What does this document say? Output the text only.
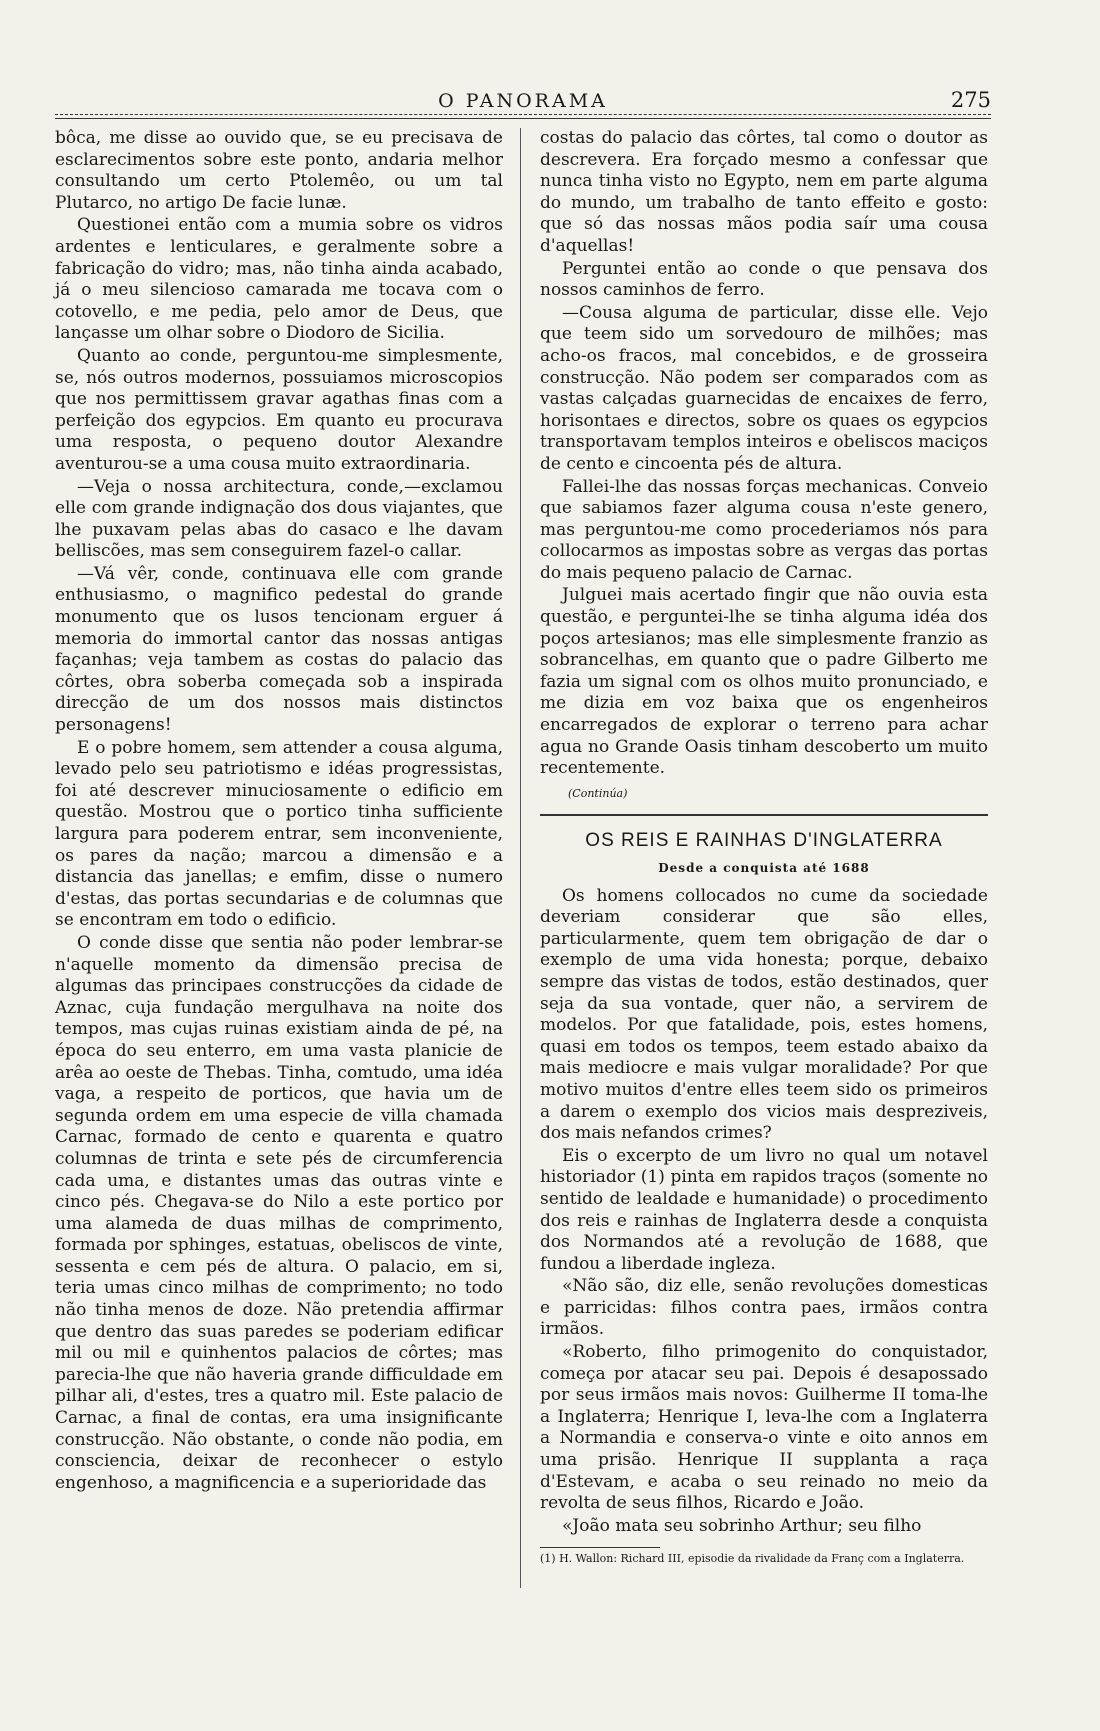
O PANORAMA	275

bôca, me disse ao ouvido que, se eu precisava de esclarecimentos sobre este ponto, andaria melhor consultando um certo Ptolemêo, ou um tal Plutarco, no artigo De facie lunæ.

Questionei então com a mumia sobre os vidros ardentes e lenticulares, e geralmente sobre a fabricação do vidro; mas, não tinha ainda acabado, já o meu silencioso camarada me tocava com o cotovello, e me pedia, pelo amor de Deus, que lançasse um olhar sobre o Diodoro de Sicilia.

Quanto ao conde, perguntou-me simplesmente, se, nós outros modernos, possuiamos microscopios que nos permittissem gravar agathas finas com a perfeição dos egypcios. Em quanto eu procurava uma resposta, o pequeno doutor Alexandre aventurou-se a uma cousa muito extraordinaria.

—Veja o nossa architectura, conde,—exclamou elle com grande indignação dos dous viajantes, que lhe puxavam pelas abas do casaco e lhe davam belliscões, mas sem conseguirem fazel-o callar.

—Vá vêr, conde, continuava elle com grande enthusiasmo, o magnifico pedestal do grande monumento que os lusos tencionam erguer á memoria do immortal cantor das nossas antigas façanhas; veja tambem as costas do palacio das côrtes, obra soberba começada sob a inspirada direcção de um dos nossos mais distinctos personagens!

E o pobre homem, sem attender a cousa alguma, levado pelo seu patriotismo e idéas progressistas, foi até descrever minuciosamente o edificio em questão. Mostrou que o portico tinha sufficiente largura para poderem entrar, sem inconveniente, os pares da nação; marcou a dimensão e a distancia das janellas; e emfim, disse o numero d'estas, das portas secundarias e de columnas que se encontram em todo o edificio.

O conde disse que sentia não poder lembrar-se n'aquelle momento da dimensão precisa de algumas das principaes construcções da cidade de Aznac, cuja fundação mergulhava na noite dos tempos, mas cujas ruinas existiam ainda de pé, na época do seu enterro, em uma vasta planicie de arêa ao oeste de Thebas. Tinha, comtudo, uma idéa vaga, a respeito de porticos, que havia um de segunda ordem em uma especie de villa chamada Carnac, formado de cento e quarenta e quatro columnas de trinta e sete pés de circumferencia cada uma, e distantes umas das outras vinte e cinco pés. Chegava-se do Nilo a este portico por uma alameda de duas milhas de comprimento, formada por sphinges, estatuas, obeliscos de vinte, sessenta e cem pés de altura. O palacio, em si, teria umas cinco milhas de comprimento; no todo não tinha menos de doze. Não pretendia affirmar que dentro das suas paredes se poderiam edificar mil ou mil e quinhentos palacios de côrtes; mas parecia-lhe que não haveria grande difficuldade em pilhar ali, d'estes, tres a quatro mil. Este palacio de Carnac, a final de contas, era uma insignificante construcção. Não obstante, o conde não podia, em consciencia, deixar de reconhecer o estylo engenhoso, a magnificencia e a superioridade das

costas do palacio das côrtes, tal como o doutor as descrevera. Era forçado mesmo a confessar que nunca tinha visto no Egypto, nem em parte alguma do mundo, um trabalho de tanto effeito e gosto: que só das nossas mãos podia saír uma cousa d'aquellas!

Perguntei então ao conde o que pensava dos nossos caminhos de ferro.

—Cousa alguma de particular, disse elle. Vejo que teem sido um sorvedouro de milhões; mas acho-os fracos, mal concebidos, e de grosseira construcção. Não podem ser comparados com as vastas calçadas guarnecidas de encaixes de ferro, horisontaes e directos, sobre os quaes os egypcios transportavam templos inteiros e obeliscos maciços de cento e cincoenta pés de altura.

Fallei-lhe das nossas forças mechanicas. Conveio que sabiamos fazer alguma cousa n'este genero, mas perguntou-me como procederiamos nós para collocarmos as impostas sobre as vergas das portas do mais pequeno palacio de Carnac.

Julguei mais acertado fingir que não ouvia esta questão, e perguntei-lhe se tinha alguma idéa dos poços artesianos; mas elle simplesmente franzio as sobrancelhas, em quanto que o padre Gilberto me fazia um signal com os olhos muito pronunciado, e me dizia em voz baixa que os engenheiros encarregados de explorar o terreno para achar agua no Grande Oasis tinham descoberto um muito recentemente.

(Continúa)
OS REIS E RAINHAS D'INGLATERRA
Desde a conquista até 1688

Os homens collocados no cume da sociedade deveriam considerar que são elles, particularmente, quem tem obrigação de dar o exemplo de uma vida honesta; porque, debaixo sempre das vistas de todos, estão destinados, quer seja da sua vontade, quer não, a servirem de modelos. Por que fatalidade, pois, estes homens, quasi em todos os tempos, teem estado abaixo da mais mediocre e mais vulgar moralidade? Por que motivo muitos d'entre elles teem sido os primeiros a darem o exemplo dos vicios mais despreziveis, dos mais nefandos crimes?

Eis o excerpto de um livro no qual um notavel historiador (1) pinta em rapidos traços (somente no sentido de lealdade e humanidade) o procedimento dos reis e rainhas de Inglaterra desde a conquista dos Normandos até a revolução de 1688, que fundou a liberdade ingleza.

«Não são, diz elle, senão revoluções domesticas e parricidas: filhos contra paes, irmãos contra irmãos.

«Roberto, filho primogenito do conquistador, começa por atacar seu pai. Depois é desapossado por seus irmãos mais novos: Guilherme II toma-lhe a Inglaterra; Henrique I, leva-lhe com a Inglaterra a Normandia e conserva-o vinte e oito annos em uma prisão. Henrique II supplanta a raça d'Estevam, e acaba o seu reinado no meio da revolta de seus filhos, Ricardo e João.

«João mata seu sobrinho Arthur; seu filho

(1) H. Wallon: Richard III, episodie da rivalidade da Franç com a Inglaterra.
